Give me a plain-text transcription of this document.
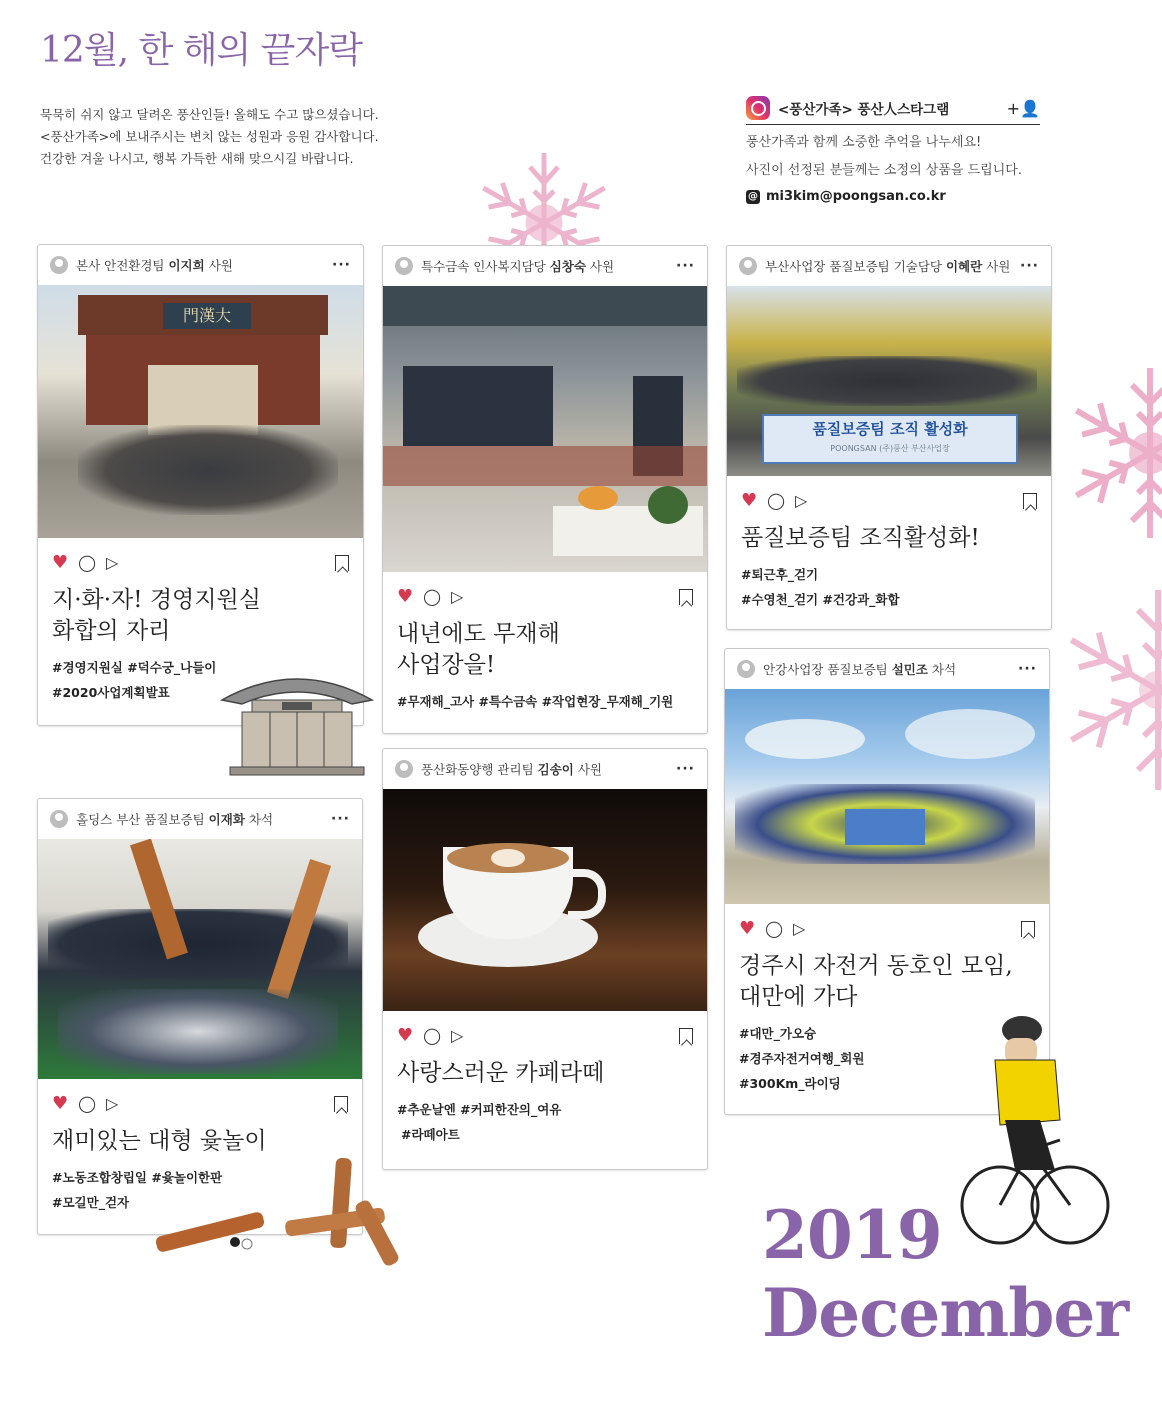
12월, 한 해의 끝자락
묵묵히 쉬지 않고 달려온 풍산인들! 올해도 수고 많으셨습니다.
<풍산가족>에 보내주시는 변치 않는 성원과 응원 감사합니다.
건강한 겨울 나시고, 행복 가득한 새해 맞으시길 바랍니다.
<풍산가족> 풍산人스타그램	+👤
풍산가족과 함께 소중한 추억을 나누세요!
사진이 선정된 분들께는 소정의 상품을 드립니다.
@ mi3kim@poongsan.co.kr
본사 안전환경팀 이지희 사원	···
門漢大
♥ ◯ ▷
지·화·자! 경영지원실
화합의 자리
#경영지원실 #덕수궁_나들이
#2020사업계획발표
특수금속 인사복지담당 심창숙 사원	···
♥ ◯ ▷
내년에도 무재해
사업장을!
#무재해_고사 #특수금속 #작업현장_무재해_기원
부산사업장 품질보증팀 기술담당 이혜란 사원 ···
품질보증팀 조직 활성화
POONGSAN (주)풍산 부산사업장
♥ ◯ ▷
품질보증팀 조직활성화!
#퇴근후_걷기
#수영천_걷기 #건강과_화합
홀딩스 부산 품질보증팀 이재화 차석	···
♥ ◯ ▷
재미있는 대형 윷놀이
#노동조합창립일 #윷놀이한판
#모길만_걷자
풍산화동양행 관리팀 김송이 사원	···
♥ ◯ ▷
사랑스러운 카페라떼
#추운날엔 #커피한잔의_여유
#라떼아트
안강사업장 품질보증팀 설민조 차석	···
♥ ◯ ▷
경주시 자전거 동호인 모임,
대만에 가다
#대만_가오슝
#경주자전거여행_회원
#300Km_라이딩
2019
December
